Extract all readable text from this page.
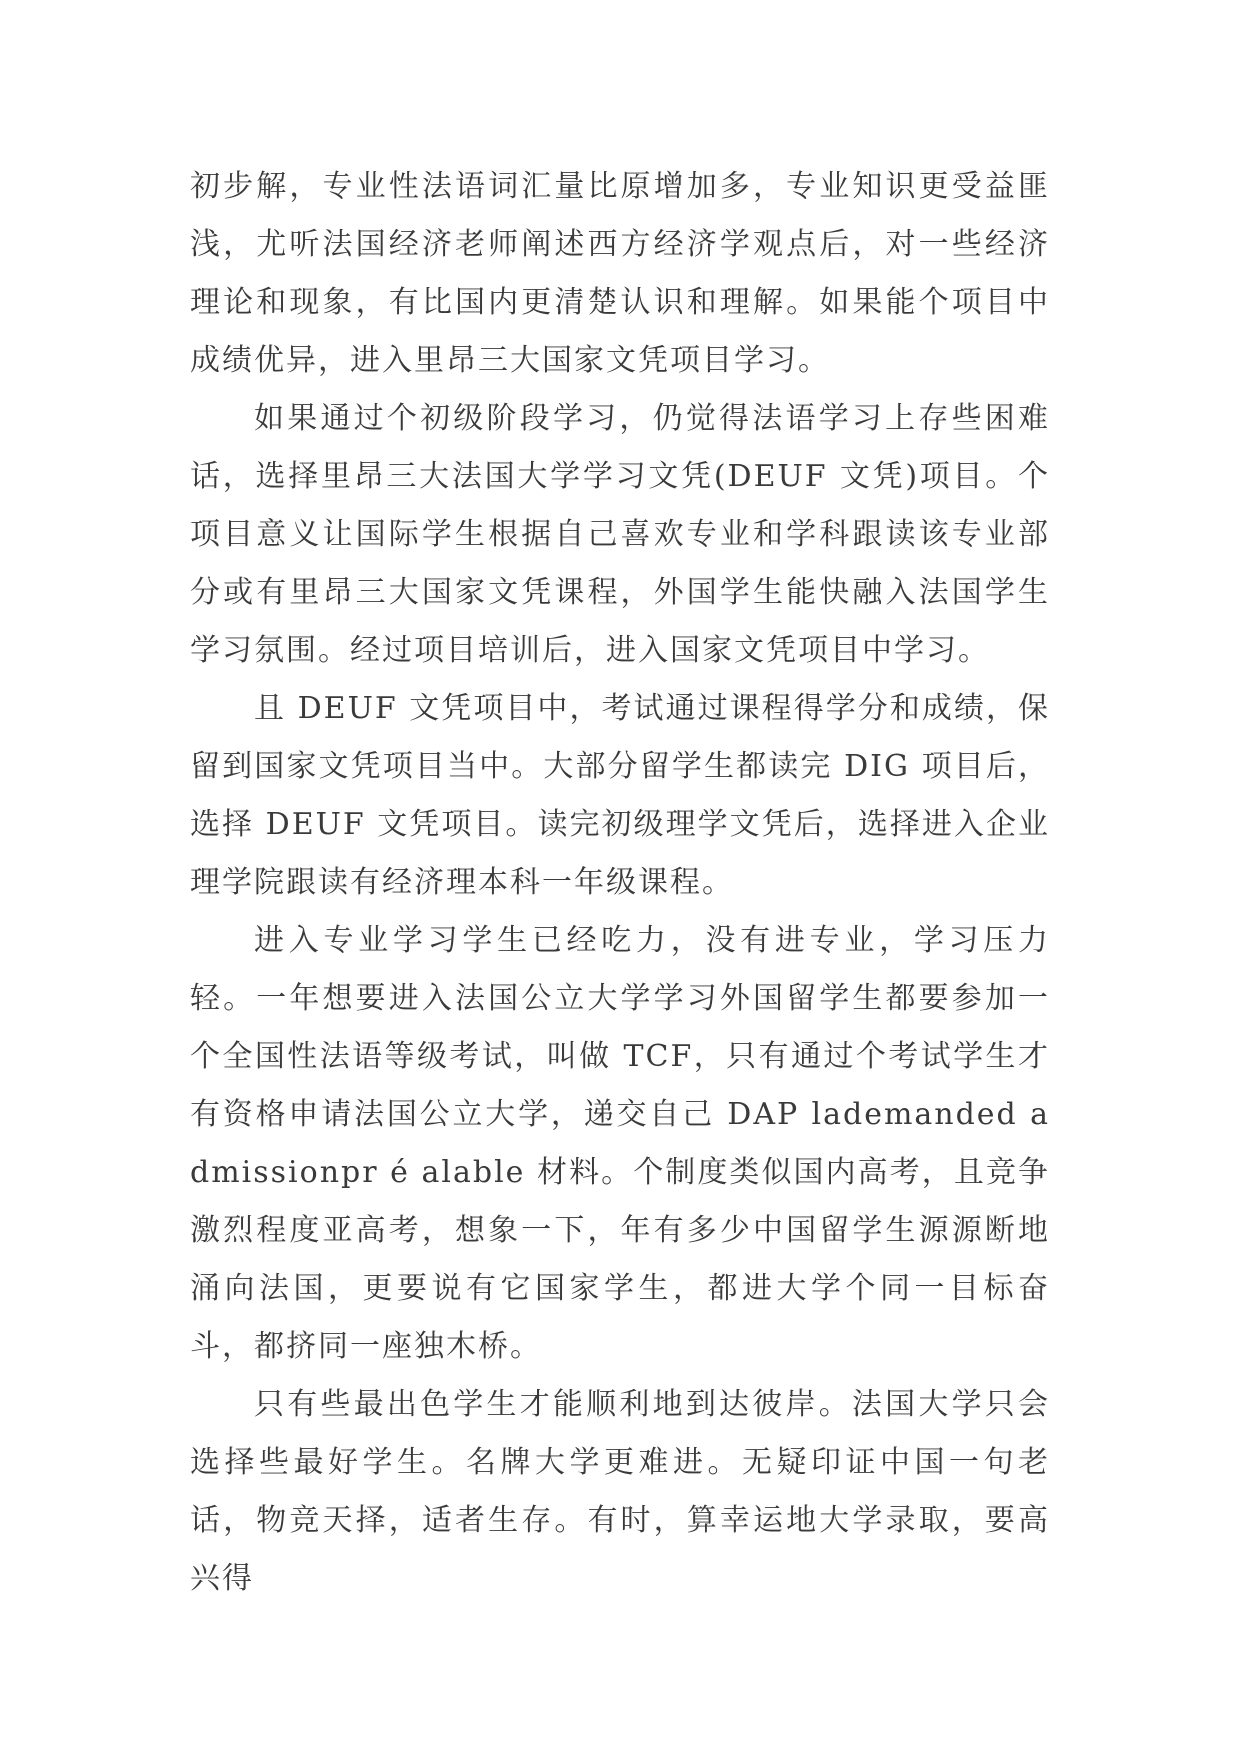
初步解，专业性法语词汇量比原增加多，专业知识更受益匪浅，尤听法国经济老师阐述西方经济学观点后，对一些经济理论和现象，有比国内更清楚认识和理解。如果能个项目中成绩优异，进入里昂三大国家文凭项目学习。

如果通过个初级阶段学习，仍觉得法语学习上存些困难话，选择里昂三大法国大学学习文凭(DEUF 文凭)项目。个项目意义让国际学生根据自己喜欢专业和学科跟读该专业部分或有里昂三大国家文凭课程，外国学生能快融入法国学生学习氛围。经过项目培训后，进入国家文凭项目中学习。

且 DEUF 文凭项目中，考试通过课程得学分和成绩，保留到国家文凭项目当中。大部分留学生都读完 DIG 项目后，选择 DEUF 文凭项目。读完初级理学文凭后，选择进入企业理学院跟读有经济理本科一年级课程。

进入专业学习学生已经吃力，没有进专业，学习压力轻。一年想要进入法国公立大学学习外国留学生都要参加一个全国性法语等级考试，叫做 TCF，只有通过个考试学生才有资格申请法国公立大学，递交自己 DAP lademanded admissionpr é alable 材料。个制度类似国内高考，且竞争激烈程度亚高考，想象一下，年有多少中国留学生源源断地涌向法国，更要说有它国家学生，都进大学个同一目标奋斗，都挤同一座独木桥。

只有些最出色学生才能顺利地到达彼岸。法国大学只会选择些最好学生。名牌大学更难进。无疑印证中国一句老话，物竞天择，适者生存。有时，算幸运地大学录取，要高兴得
